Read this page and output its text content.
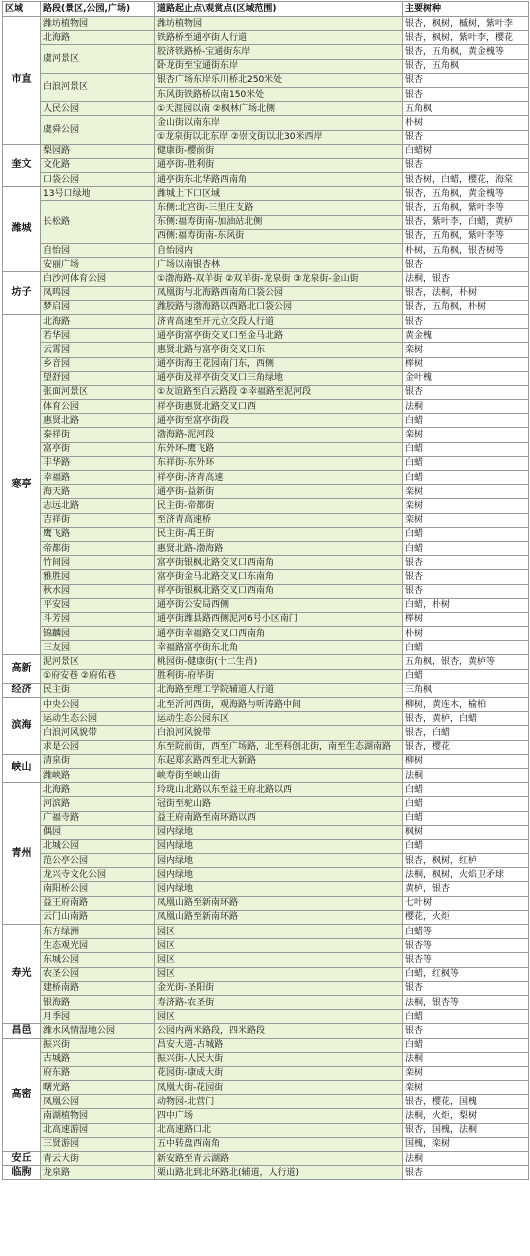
区域	路段(景区,公园,广场)	道路起止点\观赏点(区域范围)	主要树种
市直	潍坊植物园	潍坊植物园	银杏，枫树，槭树，紫叶李
	北海路	铁路桥至通亭街人行道	银杏，枫树，紫叶李，樱花
	虞河景区	胶济铁路桥-宝通街东岸	银杏，五角枫，黄金槐等
		卧龙街至宝通街东岸	银杏，五角枫
	白浪河景区	银杏广场东岸乐川桥北250米处	银杏
		东风街铁路桥以南150米处	银杏
	人民公园	①天涯园以南 ②枫林广场北侧	五角枫
	虞舜公园	金山街以南东岸	朴树
		①龙泉街以北东岸 ②崇文街以北30米西岸	银杏
奎文	梨园路	健康街-樱前街	白蜡树
	文化路	通亭街-胜利街	银杏
	口袋公园	通亭街东北华路西南角	银杏树，白蜡，樱花，海棠
潍城	13号口绿地	潍城上下口区域	银杏，五角枫，黄金槐等
	长松路	东侧:北宫街-三里庄支路	银杏，五角枫，紫叶李等
		东侧:福寿街南-加油站北侧	银杏，紫叶李，白蜡，黄栌
		西侧:福寿街南-东风街	银杏，五角枫，紫叶李等
	自怡园	自怡园内	朴树，五角枫，银杏树等
	安丽广场	广场以南银杏林	银杏
坊子	白沙河体育公园	①渤海路-双羊街 ②双羊街-龙泉街 ③龙泉街-金山街	法桐，银杏
	凤鸣园	凤凰街与北海路西南角口袋公园	银杏，法桐，朴树
	梦启园	潍胶路与渤海路以西路北口袋公园	银杏，五角枫，朴树
寒亭	北海路	济青高速至开元立交段人行道	银杏
	若华园	通亭街富亭街交叉口至金马北路	黄金槐
	云霄园	惠贤北路与富亭街交叉口东	栾树
	乡音园	通亭街海王花园南门东，西侧	榉树
	望舒园	通亭街及祥亭街交叉口三角绿地	金叶槐
	张面河景区	①友谊路至白云路段 ②幸福路至泥河段	银杏
	体育公园	祥亭街惠贤北路交叉口西	法桐
	惠贤北路	通亭街至富亭街段	白蜡
	泰祥街	渤海路-泥河段	栾树
	富亭街	东外环-鹰飞路	白蜡
	丰华路	东祥街-东外环	白蜡
	幸福路	祥亭街-济青高速	白蜡
	海天路	通亭街-益新街	栾树
	志远北路	民主街-帝都街	栾树
	吉祥街	至济青高速桥	栾树
	鹰飞路	民主街-禹王街	白蜡
	帝都街	惠贤北路-渤海路	白蜡
	竹间园	富亭街银枫北路交叉口西南角	银杏
	雅胜园	富亭街金马北路交叉口东南角	银杏
	秋水园	祥亭街银枫北路交叉口西南角	银杏
	平安园	通亭街公安局西侧	白蜡，朴树
	斗芳园	通亭街潍县路西侧泥河6号小区南门	榉树
	锦麟园	通亭街幸福路交叉口西南角	朴树
	三友园	幸福路富亭街东北角	白蜡
高新	泥河景区	桃园街-健康街(十二生肖)	五角枫，银杏，黄栌等
	①府安巷 ②府佑巷	胜利街-府毕街	白蜡
经济	民主街	北海路至理工学院辅道人行道	三角枫
滨海	中央公园	北至沂河西街，观海路与听涛路中间	柳树，黄连木，榆柏
	运动生态公园	运动生态公园东区	银杏，黄栌，白蜡
	白浪河风貌带	白浪河风貌带	银杏，白蜡
	求是公园	东至院前街，西至广场路，北至科创北街，南至生态湖南路	银杏，樱花
峡山	清泉街	东起郑玄路西至北大新路	柳树
	潍峡路	峡寿街至峡山街	法桐
青州	北海路	玲珑山北路以东至益王府北路以西	白蜡
	河滨路	冠街至驼山路	白蜡
	广福寺路	益王府南路至南环路以西	白蜡
	偶园	园内绿地	枫树
	北城公园	园内绿地	白蜡
	范公亭公园	园内绿地	银杏，枫树，红栌
	龙兴寺文化公园	园内绿地	法桐，枫树，火焰卫矛球
	南阳桥公园	园内绿地	黄栌，银杏
	益王府南路	凤凰山路至新南环路	七叶树
	云门山南路	凤凰山路至新南环路	樱花，火炬
寿光	东方绿洲	园区	白蜡等
	生态观光园	园区	银杏等
	东城公园	园区	银杏等
	农圣公园	园区	白蜡，红枫等
	建桥南路	金光街-圣阳街	银杏
	银海路	寿济路-农圣街	法桐，银杏等
	月季园	园区	白蜡
昌邑	潍水风情湿地公园	公园内两米路段，四米路段	银杏
高密	振兴街	昌安大道-古城路	白蜡
	古城路	振兴街-人民大街	法桐
	府东路	花园街-康成大街	栾树
	曙光路	凤凰大街-花园街	栾树
	凤凰公园	动物园-北营门	银杏，樱花，国槐
	南湖植物园	四中广场	法桐，火炬，梨树
	北高速游园	北高速路口北	银杏，国槐，法桐
	三贤游园	五中转盘西南角	国槐，栾树
安丘	青云大街	新安路至青云湖路	法桐
临朐	龙泉路	栗山路北到北环路北(辅道，人行道)	银杏
